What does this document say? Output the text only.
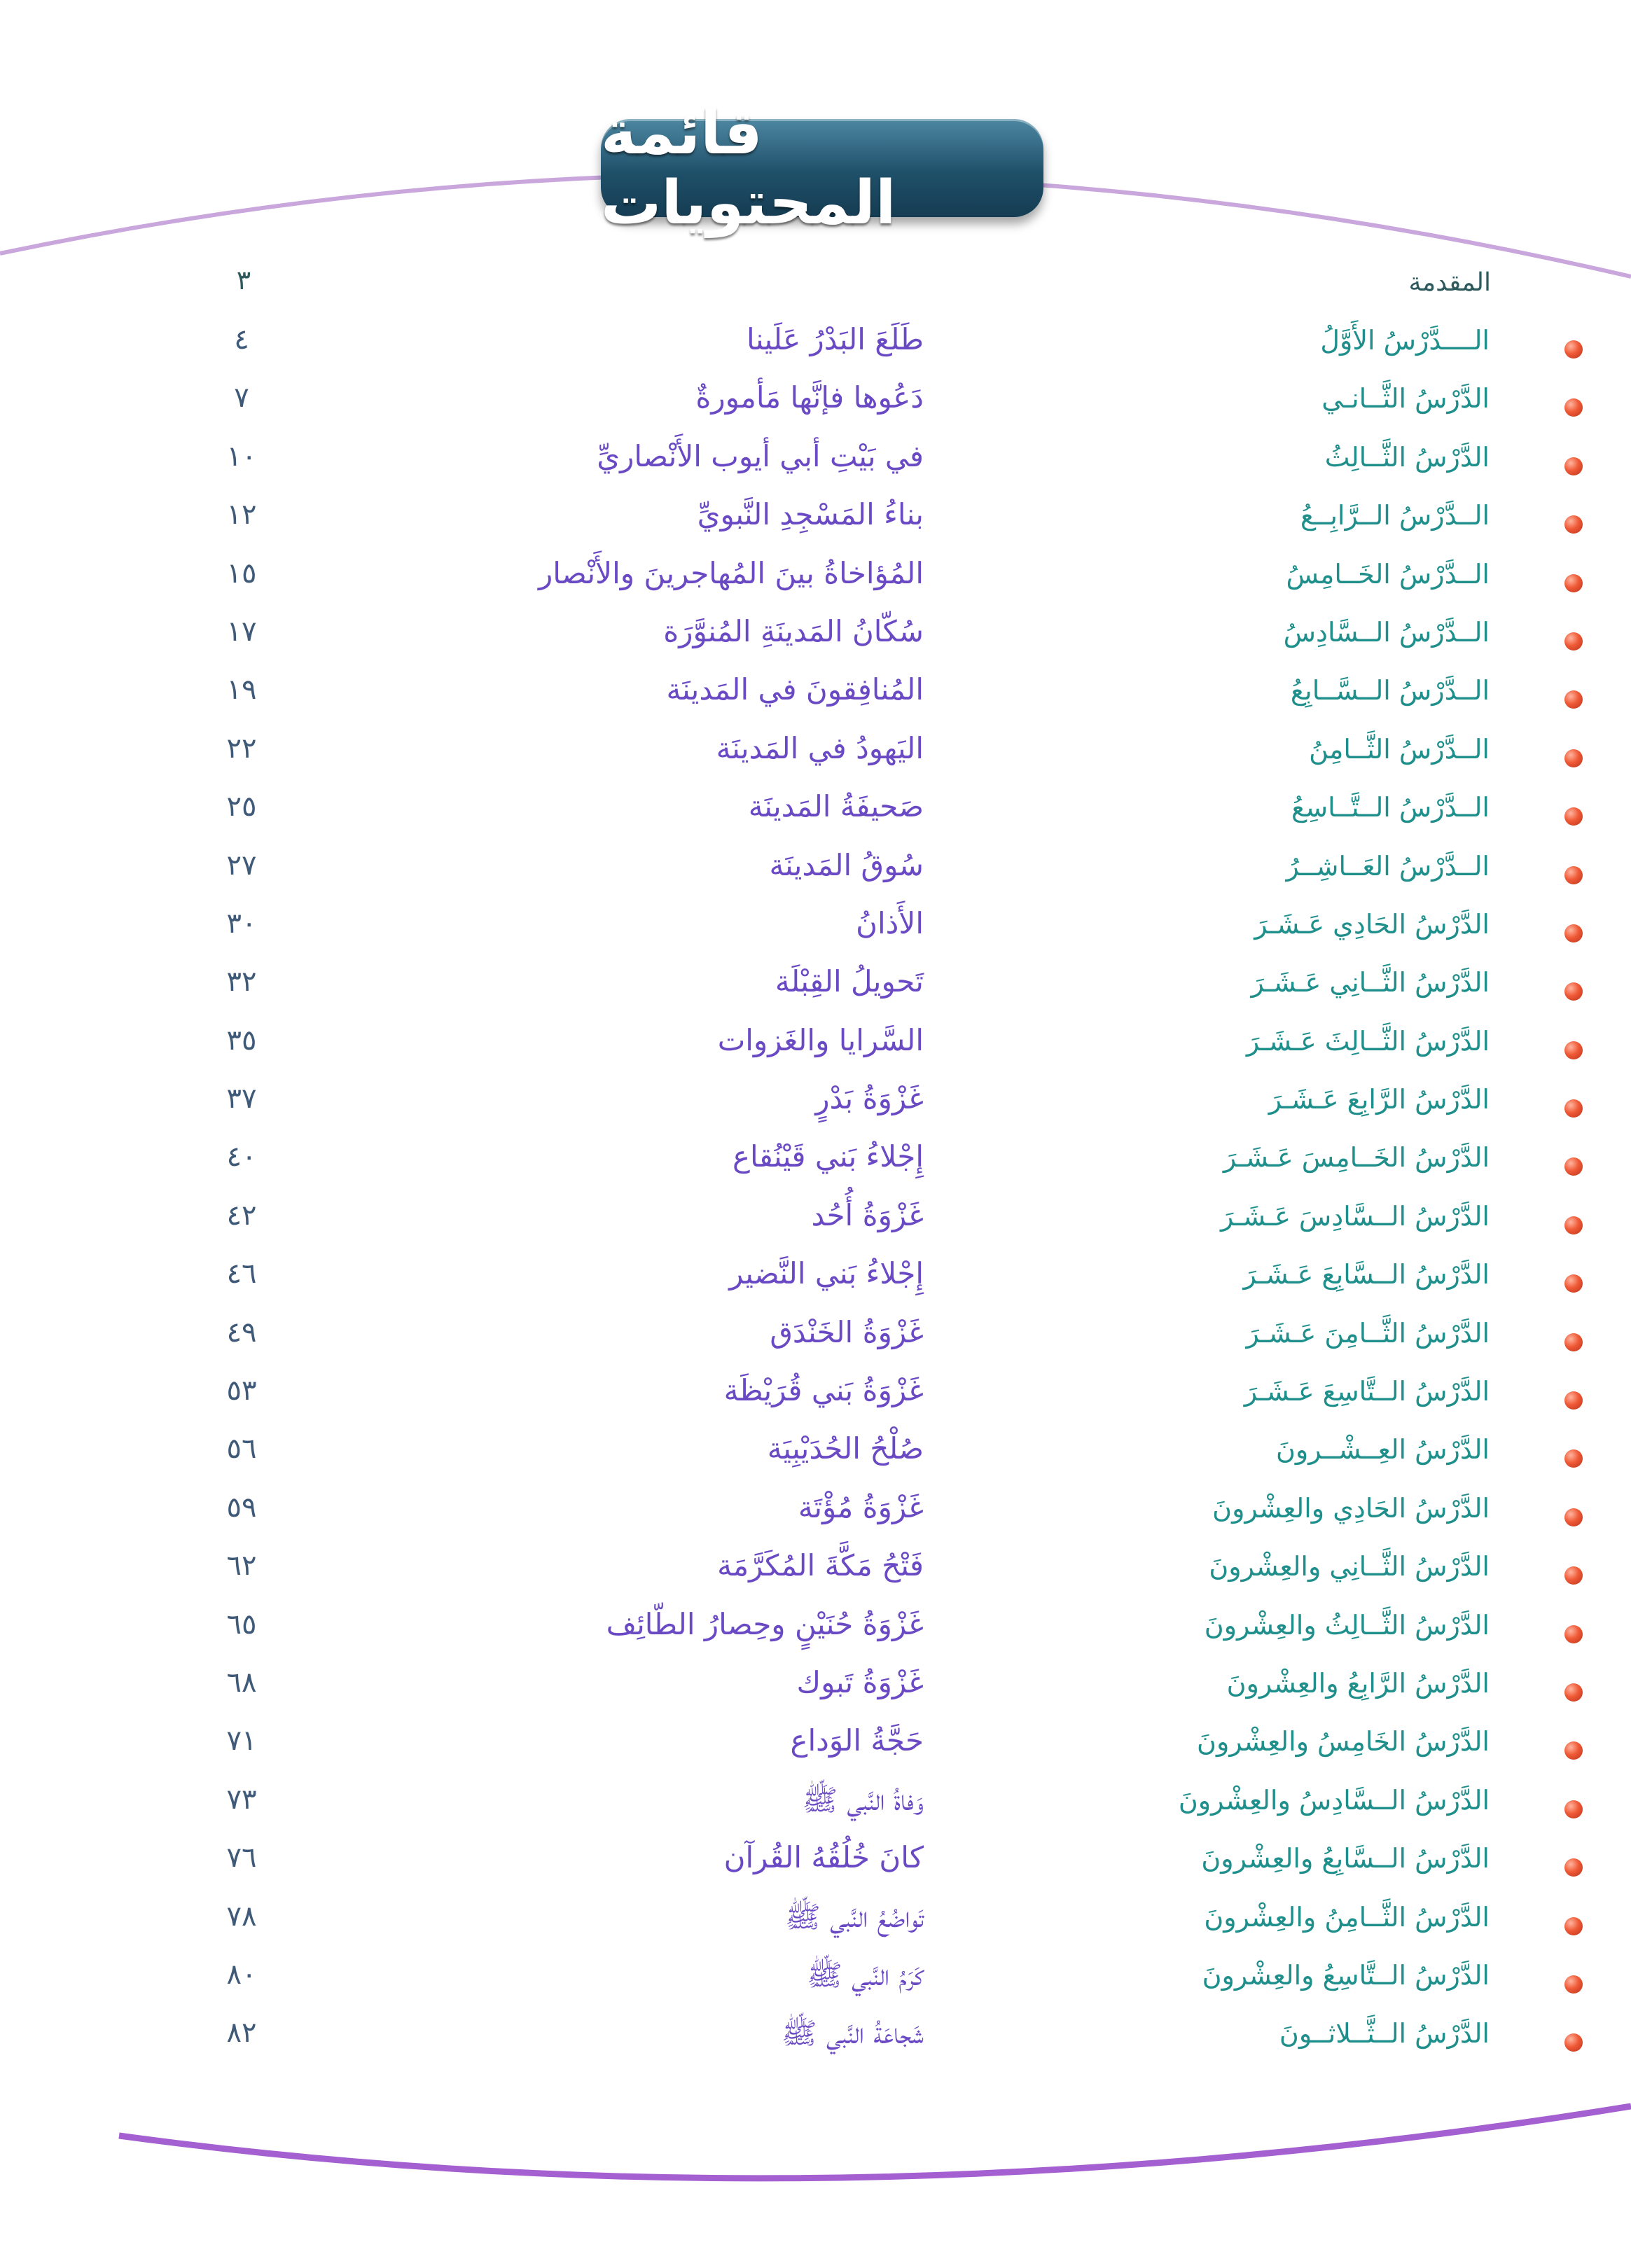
قائمة المحتويات
المقدمة
٣
الــــدَّرْسُ الأَوَّلُ
طَلَعَ البَدْرُ عَلَينا
٤
الدَّرْسُ الثَّــانـي
دَعُوها فإنَّها مَأمورةٌ
٧
الدَّرْسُ الثَّــالِثُ
في بَيْتِ أبي أيوب الأَنْصاريِّ
١٠
الــدَّرْسُ الــرَّابِــعُ
بناءُ المَسْجِدِ النَّبويِّ
١٢
الــدَّرْسُ الخَــامِسُ
المُؤاخاةُ بينَ المُهاجرينَ والأَنْصار
١٥
الــدَّرْسُ الــسَّادِسُ
سُكّانُ المَدينَةِ المُنوَّرَة
١٧
الــدَّرْسُ الــسَّــابِعُ
المُنافِقونَ في المَدينَة
١٩
الــدَّرْسُ الثَّــامِنُ
اليَهودُ في المَدينَة
٢٢
الــدَّرْسُ الــتَّــاسِعُ
صَحيفَةُ المَدينَة
٢٥
الــدَّرْسُ العَــاشِــرُ
سُوقُ المَدينَة
٢٧
الدَّرْسُ الحَادِي عَـشَـرَ
الأَذانُ
٣٠
الدَّرْسُ الثَّــانِي عَـشَـرَ
تَحويلُ القِبْلَة
٣٢
الدَّرْسُ الثَّــالِثَ عَـشَـرَ
السَّرايا والغَزوات
٣٥
الدَّرْسُ الرَّابِعَ عَـشَـرَ
غَزْوَةُ بَدْرٍ
٣٧
الدَّرْسُ الخَــامِسَ عَـشَـرَ
إِجْلاءُ بَني قَيْنُقاع
٤٠
الدَّرْسُ الــسَّادِسَ عَـشَـرَ
غَزْوَةُ أُحُد
٤٢
الدَّرْسُ الــسَّابِعَ عَـشَـرَ
إِجْلاءُ بَني النَّضير
٤٦
الدَّرْسُ الثَّــامِنَ عَـشَـرَ
غَزْوَةُ الخَنْدَق
٤٩
الدَّرْسُ الــتَّاسِعَ عَـشَـرَ
غَزْوَةُ بَني قُرَيْظَة
٥٣
الدَّرْسُ العِــشْــرونَ
صُلْحُ الحُدَيْبِيَة
٥٦
الدَّرْسُ الحَادِي والعِشْرونَ
غَزْوَةُ مُؤْتَة
٥٩
الدَّرْسُ الثَّــانِي والعِشْرونَ
فَتْحُ مَكَّةَ المُكَرَّمَة
٦٢
الدَّرْسُ الثَّــالِثُ والعِشْرونَ
غَزْوَةُ حُنَيْنٍ وحِصارُ الطّائِف
٦٥
الدَّرْسُ الرَّابِعُ والعِشْرونَ
غَزْوَةُ تَبوك
٦٨
الدَّرْسُ الخَامِسُ والعِشْرونَ
حَجَّةُ الوَداع
٧١
الدَّرْسُ الــسَّادِسُ والعِشْرونَ
وَفاةُ النَّبي ﷺ
٧٣
الدَّرْسُ الــسَّابِعُ والعِشْرونَ
كانَ خُلُقُهُ القُرآن
٧٦
الدَّرْسُ الثَّــامِنُ والعِشْرونَ
تَواضُعُ النَّبي ﷺ
٧٨
الدَّرْسُ الــتَّاسِعُ والعِشْرونَ
كَرَمُ النَّبي ﷺ
٨٠
الدَّرْسُ الــثَّــلاثــونَ
شَجاعَةُ النَّبي ﷺ
٨٢
